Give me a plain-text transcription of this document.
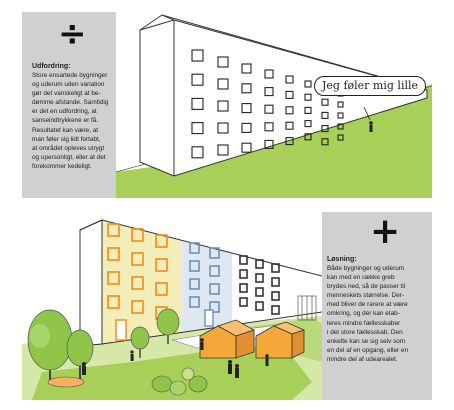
÷
Udfordring:

Store ensartede bygninger
og uderum uden variation
gør det vanskeligt at be-
dømme afstande. Samtidig
er det en udfordring, at
sanseindtrykkene er få.
Resultatet kan være, at
man føler sig lidt fortabt,
at området opleves utrygt
og upersonligt, eller at det
forekommer kedeligt.

Jeg føler mig lille
+
Løsning:

Både bygninger og uderum
kan med en række greb
brydes ned, så de passer til
menneskets størrelse. Der-
med bliver de rarere at være
omkring, og der kan etab-
leres mindre fællesskaber
i det store fællesskab. Den
enkelte kan se sig selv som
en del af en opgang, eller en
mindre del af udearealet.
